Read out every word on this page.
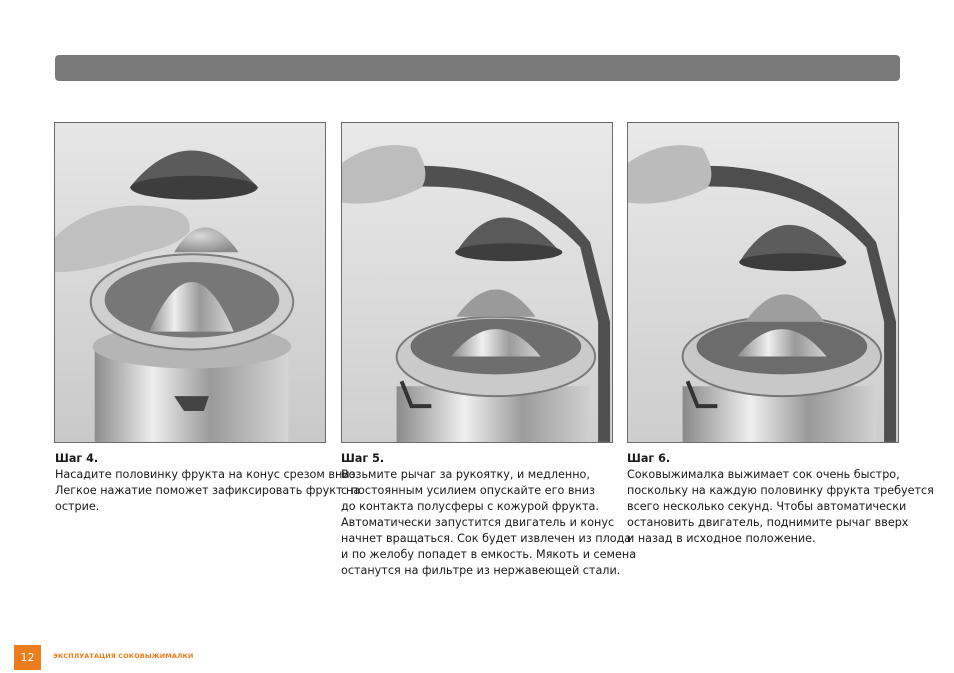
Шаг 4.
Насадите половинку фрукта на конус срезом вниз.
Легкое нажатие поможет зафиксировать фрукт на
острие.
Шаг 5.
Возьмите рычаг за рукоятку, и медленно,
с постоянным усилием опускайте его вниз
до контакта полусферы с кожурой фрукта.
Автоматически запустится двигатель и конус
начнет вращаться. Сок будет извлечен из плода
и по желобу попадет в емкость. Мякоть и семена
останутся на фильтре из нержавеющей стали.
Шаг 6.
Соковыжималка выжимает сок очень быстро,
поскольку на каждую половинку фрукта требуется
всего несколько секунд. Чтобы автоматически
остановить двигатель, поднимите рычаг вверх
и назад в исходное положение.
12	ЭКСПЛУАТАЦИЯ СОКОВЫЖИМАЛКИ
